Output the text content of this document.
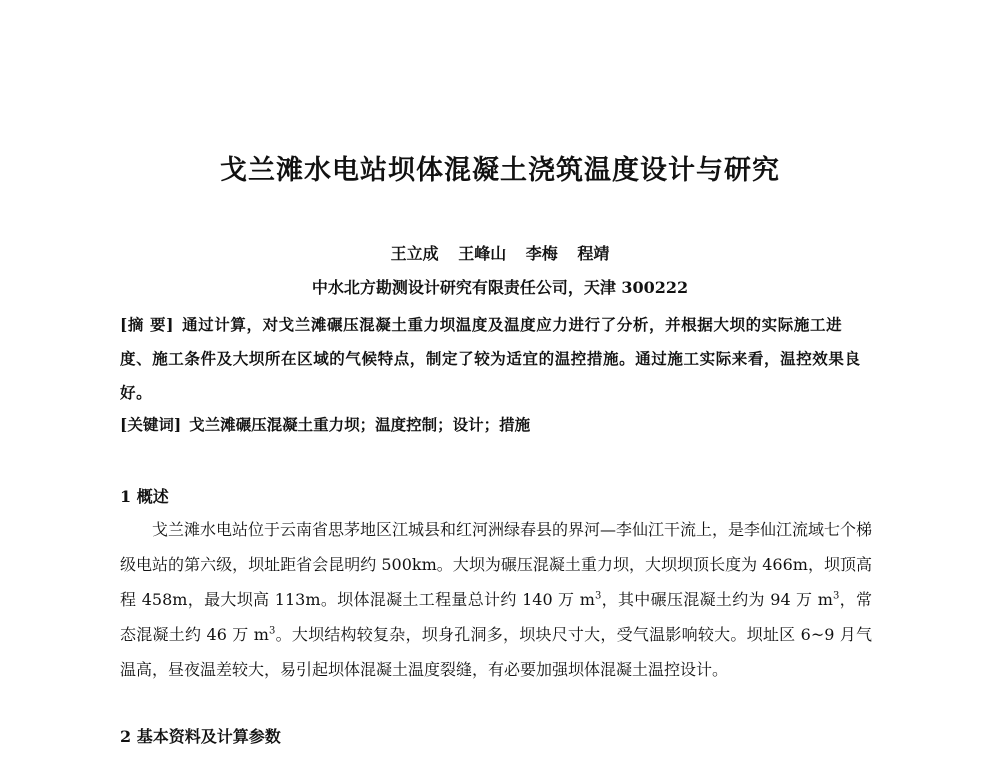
戈兰滩水电站坝体混凝土浇筑温度设计与研究
王立成 王峰山 李梅 程靖
中水北方勘测设计研究有限责任公司，天津 300222
[摘 要] 通过计算，对戈兰滩碾压混凝土重力坝温度及温度应力进行了分析，并根据大坝的实际施工进度、施工条件及大坝所在区域的气候特点，制定了较为适宜的温控措施。通过施工实际来看，温控效果良好。
[关键词] 戈兰滩碾压混凝土重力坝；温度控制；设计；措施
1 概述
戈兰滩水电站位于云南省思茅地区江城县和红河洲绿春县的界河—李仙江干流上，是李仙江流域七个梯级电站的第六级，坝址距省会昆明约 500km。大坝为碾压混凝土重力坝，大坝坝顶长度为 466m，坝顶高程 458m，最大坝高 113m。坝体混凝土工程量总计约 140 万 $m^3$，其中碾压混凝土约为 94 万 $m^3$，常态混凝土约 46 万 $m^3$。大坝结构较复杂，坝身孔洞多，坝块尺寸大，受气温影响较大。坝址区 6~9 月气温高，昼夜温差较大，易引起坝体混凝土温度裂缝，有必要加强坝体混凝土温控设计。
2 基本资料及计算参数
